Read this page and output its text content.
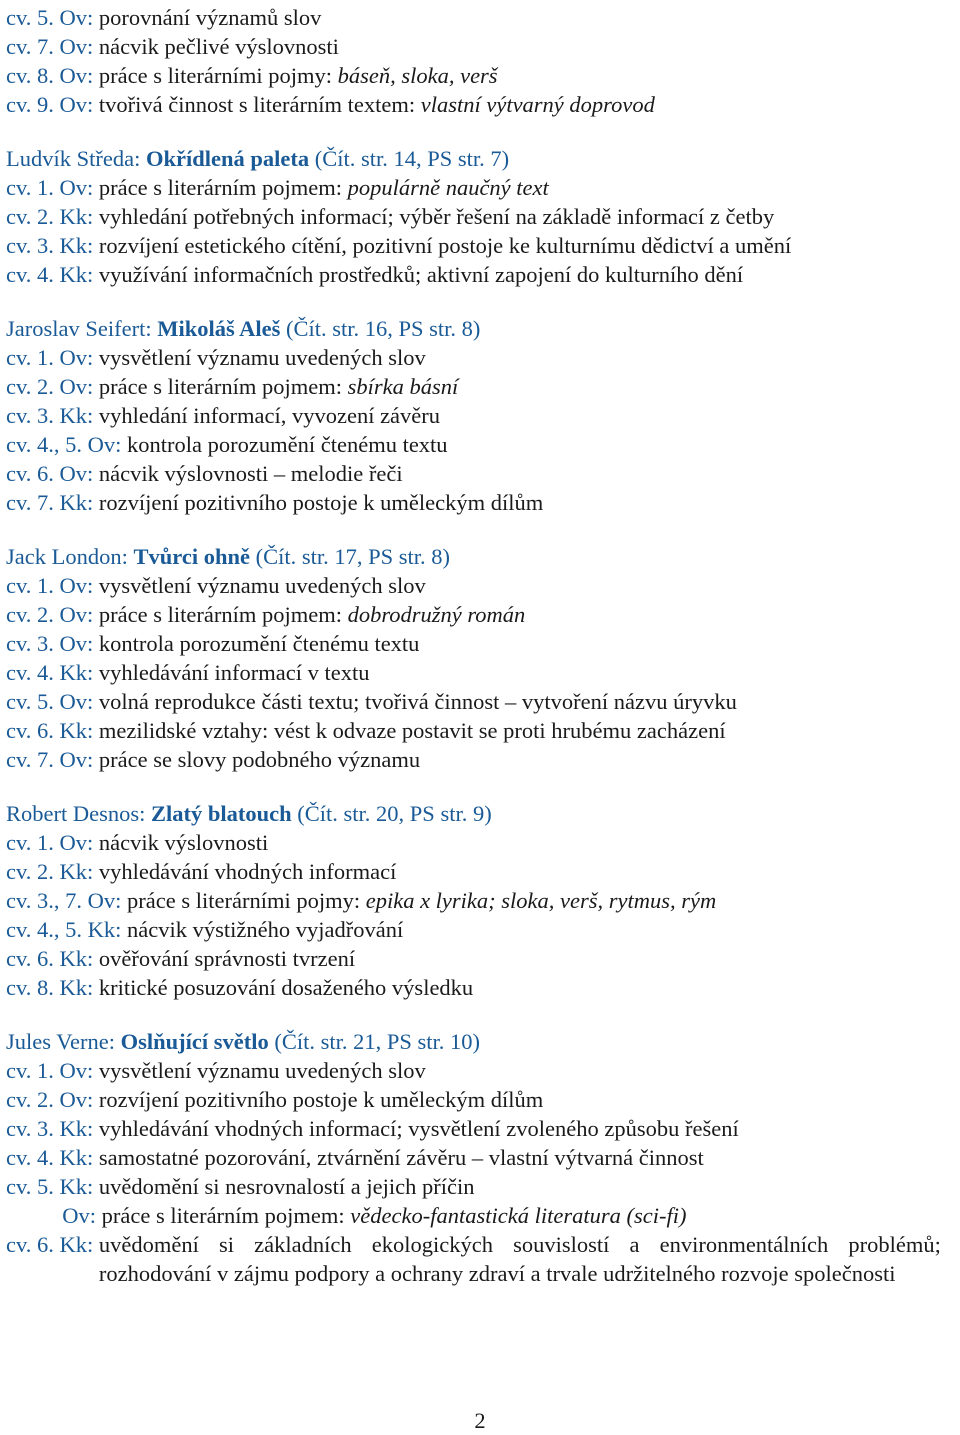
cv. 5. Ov: porovnání významů slov
cv. 7. Ov: nácvik pečlivé výslovnosti
cv. 8. Ov: práce s literárními pojmy: báseň, sloka, verš
cv. 9. Ov: tvořivá činnost s literárním textem: vlastní výtvarný doprovod
Ludvík Středa: Okřídlená paleta (Čít. str. 14, PS str. 7)
cv. 1. Ov: práce s literárním pojmem: populárně naučný text
cv. 2. Kk: vyhledání potřebných informací; výběr řešení na základě informací z četby
cv. 3. Kk: rozvíjení estetického cítění, pozitivní postoje ke kulturnímu dědictví a umění
cv. 4. Kk: využívání informačních prostředků; aktivní zapojení do kulturního dění
Jaroslav Seifert: Mikoláš Aleš (Čít. str. 16, PS str. 8)
cv. 1. Ov: vysvětlení významu uvedených slov
cv. 2. Ov: práce s literárním pojmem: sbírka básní
cv. 3. Kk: vyhledání informací, vyvození závěru
cv. 4., 5. Ov: kontrola porozumění čtenému textu
cv. 6. Ov: nácvik výslovnosti – melodie řeči
cv. 7. Kk: rozvíjení pozitivního postoje k uměleckým dílům
Jack London: Tvůrci ohně (Čít. str. 17, PS str. 8)
cv. 1. Ov: vysvětlení významu uvedených slov
cv. 2. Ov: práce s literárním pojmem: dobrodružný román
cv. 3. Ov: kontrola porozumění čtenému textu
cv. 4. Kk: vyhledávání informací v textu
cv. 5. Ov: volná reprodukce části textu; tvořivá činnost – vytvoření názvu úryvku
cv. 6. Kk: mezilidské vztahy: vést k odvaze postavit se proti hrubému zacházení
cv. 7. Ov: práce se slovy podobného významu
Robert Desnos: Zlatý blatouch (Čít. str. 20, PS str. 9)
cv. 1. Ov: nácvik výslovnosti
cv. 2. Kk: vyhledávání vhodných informací
cv. 3., 7. Ov: práce s literárními pojmy: epika x lyrika; sloka, verš, rytmus, rým
cv. 4., 5. Kk: nácvik výstižného vyjadřování
cv. 6. Kk: ověřování správnosti tvrzení
cv. 8. Kk: kritické posuzování dosaženého výsledku
Jules Verne: Oslňující světlo (Čít. str. 21, PS str. 10)
cv. 1. Ov: vysvětlení významu uvedených slov
cv. 2. Ov: rozvíjení pozitivního postoje k uměleckým dílům
cv. 3. Kk: vyhledávání vhodných informací; vysvětlení zvoleného způsobu řešení
cv. 4. Kk: samostatné pozorování, ztvárnění závěru – vlastní výtvarná činnost
cv. 5. Kk: uvědomění si nesrovnalostí a jejich příčin
Ov: práce s literárním pojmem: vědecko-fantastická literatura (sci-fi)
cv. 6. Kk: uvědomění si základních ekologických souvislostí a environmentálních problémů; rozhodování v zájmu podpory a ochrany zdraví a trvale udržitelného rozvoje společnosti
2
